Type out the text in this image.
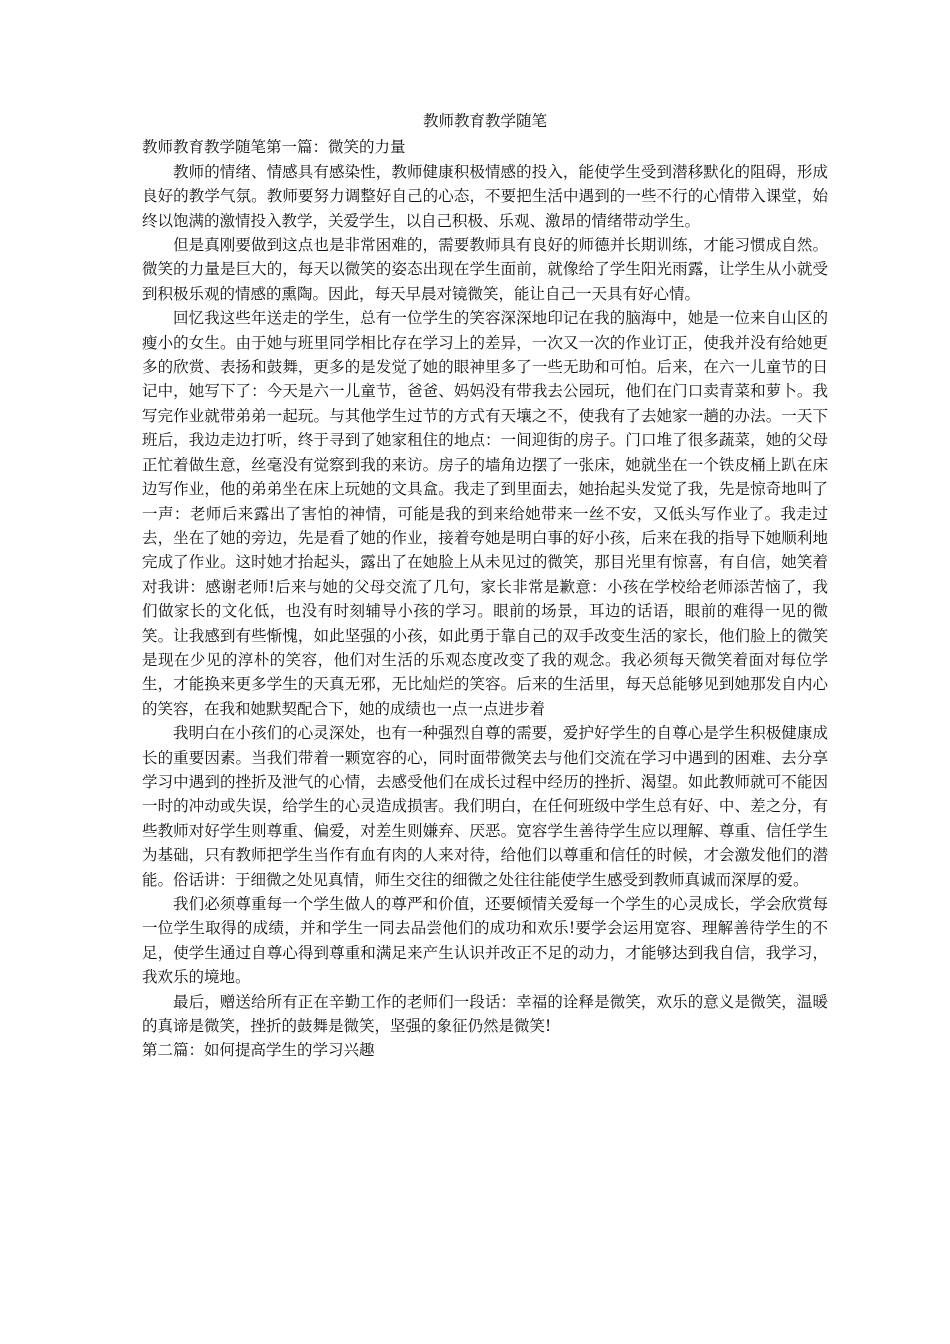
教师教育教学随笔
教师教育教学随笔第一篇：微笑的力量

教师的情绪、情感具有感染性，教师健康积极情感的投入，能使学生受到潜移默化的阻碍，形成良好的教学气氛。教师要努力调整好自己的心态，不要把生活中遇到的一些不行的心情带入课堂，始终以饱满的激情投入教学，关爱学生，以自己积极、乐观、激昂的情绪带动学生。

但是真刚要做到这点也是非常困难的，需要教师具有良好的师德并长期训练，才能习惯成自然。微笑的力量是巨大的，每天以微笑的姿态出现在学生面前，就像给了学生阳光雨露，让学生从小就受到积极乐观的情感的熏陶。因此，每天早晨对镜微笑，能让自己一天具有好心情。

回忆我这些年送走的学生，总有一位学生的笑容深深地印记在我的脑海中，她是一位来自山区的瘦小的女生。由于她与班里同学相比存在学习上的差异，一次又一次的作业订正，使我并没有给她更多的欣赏、表扬和鼓舞，更多的是发觉了她的眼神里多了一些无助和可怕。后来，在六一儿童节的日记中，她写下了：今天是六一儿童节，爸爸、妈妈没有带我去公园玩，他们在门口卖青菜和萝卜。我写完作业就带弟弟一起玩。与其他学生过节的方式有天壤之不，使我有了去她家一趟的办法。一天下班后，我边走边打听，终于寻到了她家租住的地点：一间迎街的房子。门口堆了很多蔬菜，她的父母正忙着做生意，丝毫没有觉察到我的来访。房子的墙角边摆了一张床，她就坐在一个铁皮桶上趴在床边写作业，他的弟弟坐在床上玩她的文具盒。我走了到里面去，她抬起头发觉了我，先是惊奇地叫了一声：老师后来露出了害怕的神情，可能是我的到来给她带来一丝不安，又低头写作业了。我走过去，坐在了她的旁边，先是看了她的作业，接着夸她是明白事的好小孩，后来在我的指导下她顺利地完成了作业。这时她才抬起头，露出了在她脸上从未见过的微笑，那目光里有惊喜，有自信，她笑着对我讲：感谢老师!后来与她的父母交流了几句，家长非常是歉意：小孩在学校给老师添苦恼了，我们做家长的文化低，也没有时刻辅导小孩的学习。眼前的场景，耳边的话语，眼前的难得一见的微笑。让我感到有些惭愧，如此坚强的小孩，如此勇于靠自己的双手改变生活的家长，他们脸上的微笑是现在少见的淳朴的笑容，他们对生活的乐观态度改变了我的观念。我必须每天微笑着面对每位学生，才能换来更多学生的天真无邪，无比灿烂的笑容。后来的生活里，每天总能够见到她那发自内心的笑容，在我和她默契配合下，她的成绩也一点一点进步着

我明白在小孩们的心灵深处，也有一种强烈自尊的需要，爱护好学生的自尊心是学生积极健康成长的重要因素。当我们带着一颗宽容的心，同时面带微笑去与他们交流在学习中遇到的困难、去分享学习中遇到的挫折及泄气的心情，去感受他们在成长过程中经历的挫折、渴望。如此教师就可不能因一时的冲动或失误，给学生的心灵造成损害。我们明白，在任何班级中学生总有好、中、差之分，有些教师对好学生则尊重、偏爱，对差生则嫌弃、厌恶。宽容学生善待学生应以理解、尊重、信任学生为基础，只有教师把学生当作有血有肉的人来对待，给他们以尊重和信任的时候，才会激发他们的潜能。俗话讲：于细微之处见真情，师生交往的细微之处往往能使学生感受到教师真诚而深厚的爱。

我们必须尊重每一个学生做人的尊严和价值，还要倾情关爱每一个学生的心灵成长，学会欣赏每一位学生取得的成绩，并和学生一同去品尝他们的成功和欢乐!要学会运用宽容、理解善待学生的不足，使学生通过自尊心得到尊重和满足来产生认识并改正不足的动力，才能够达到我自信，我学习，我欢乐的境地。

最后，赠送给所有正在辛勤工作的老师们一段话：幸福的诠释是微笑，欢乐的意义是微笑，温暖的真谛是微笑，挫折的鼓舞是微笑，坚强的象征仍然是微笑!

第二篇：如何提高学生的学习兴趣
